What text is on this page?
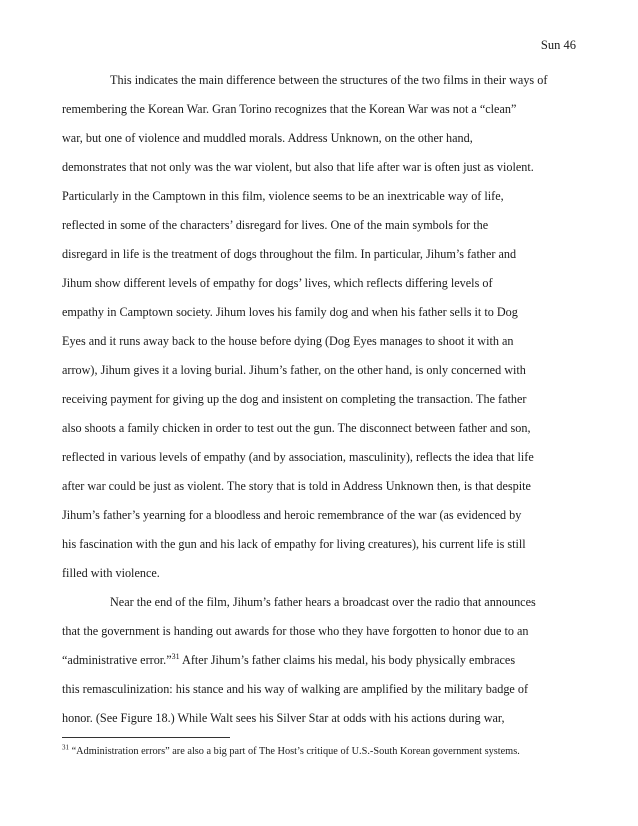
Sun 46
This indicates the main difference between the structures of the two films in their ways of
remembering the Korean War. Gran Torino recognizes that the Korean War was not a “clean”
war, but one of violence and muddled morals. Address Unknown, on the other hand,
demonstrates that not only was the war violent, but also that life after war is often just as violent.
Particularly in the Camptown in this film, violence seems to be an inextricable way of life,
reflected in some of the characters’ disregard for lives. One of the main symbols for the
disregard in life is the treatment of dogs throughout the film. In particular, Jihum’s father and
Jihum show different levels of empathy for dogs’ lives, which reflects differing levels of
empathy in Camptown society. Jihum loves his family dog and when his father sells it to Dog
Eyes and it runs away back to the house before dying (Dog Eyes manages to shoot it with an
arrow), Jihum gives it a loving burial. Jihum’s father, on the other hand, is only concerned with
receiving payment for giving up the dog and insistent on completing the transaction. The father
also shoots a family chicken in order to test out the gun. The disconnect between father and son,
reflected in various levels of empathy (and by association, masculinity), reflects the idea that life
after war could be just as violent. The story that is told in Address Unknown then, is that despite
Jihum’s father’s yearning for a bloodless and heroic remembrance of the war (as evidenced by
his fascination with the gun and his lack of empathy for living creatures), his current life is still
filled with violence.
Near the end of the film, Jihum’s father hears a broadcast over the radio that announces
that the government is handing out awards for those who they have forgotten to honor due to an
“administrative error.”$^{31}$ After Jihum’s father claims his medal, his body physically embraces
this remasculinization: his stance and his way of walking are amplified by the military badge of
honor. (See Figure 18.) While Walt sees his Silver Star at odds with his actions during war,
$^{31}$ “Administration errors” are also a big part of The Host’s critique of U.S.-South Korean government systems.
